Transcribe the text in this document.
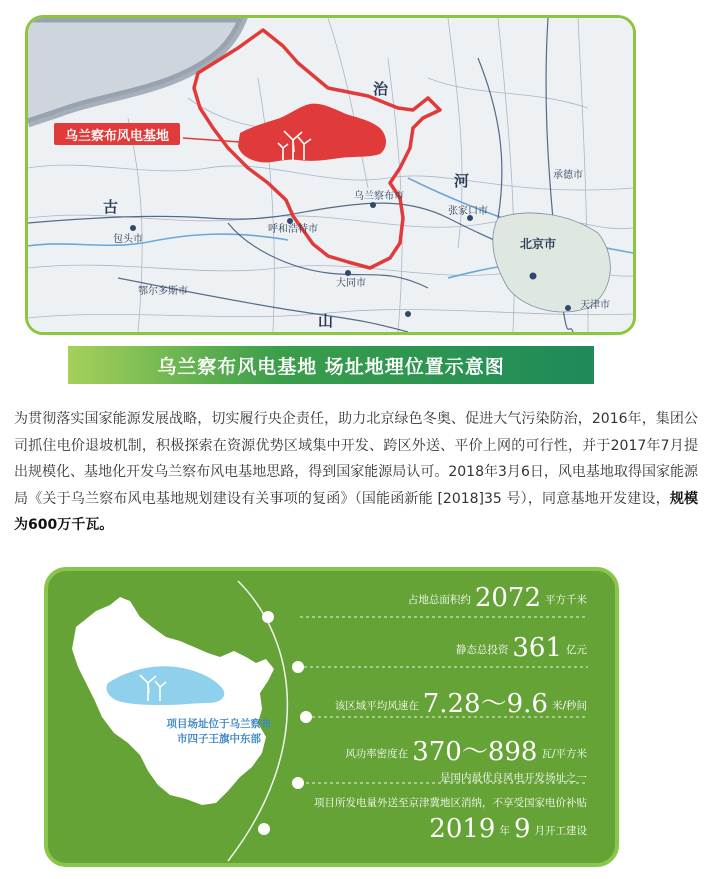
治
河
古
山
呼和浩特市
乌兰察布市
张家口市
大同市
包头市	北京市
承德市
天津市
鄂尔多斯市
乌兰察布风电基地
乌兰察布风电基地 场址地理位置示意图
为贯彻落实国家能源发展战略，切实履行央企责任，助力北京绿色冬奥、促进大气污染防治，2016年，集团公司抓住电价退坡机制，积极探索在资源优势区域集中开发、跨区外送、平价上网的可行性，并于2017年7月提出规模化、基地化开发乌兰察布风电基地思路，得到国家能源局认可。2018年3月6日，风电基地取得国家能源局《关于乌兰察布风电基地规划建设有关事项的复函》（国能函新能 [2018]35 号），同意基地开发建设，规模为600万千瓦。
项目场址位于乌兰察布市四子王旗中东部
占地总面积约 2072 平方千米
静态总投资 361 亿元
该区域平均风速在 7.28～9.6 米/秒间
风功率密度在 370～898 瓦/平方米
是国内最优良风电开发场址之一
项目所发电量外送至京津冀地区消纳，不享受国家电价补贴
2019 年 9 月开工建设
